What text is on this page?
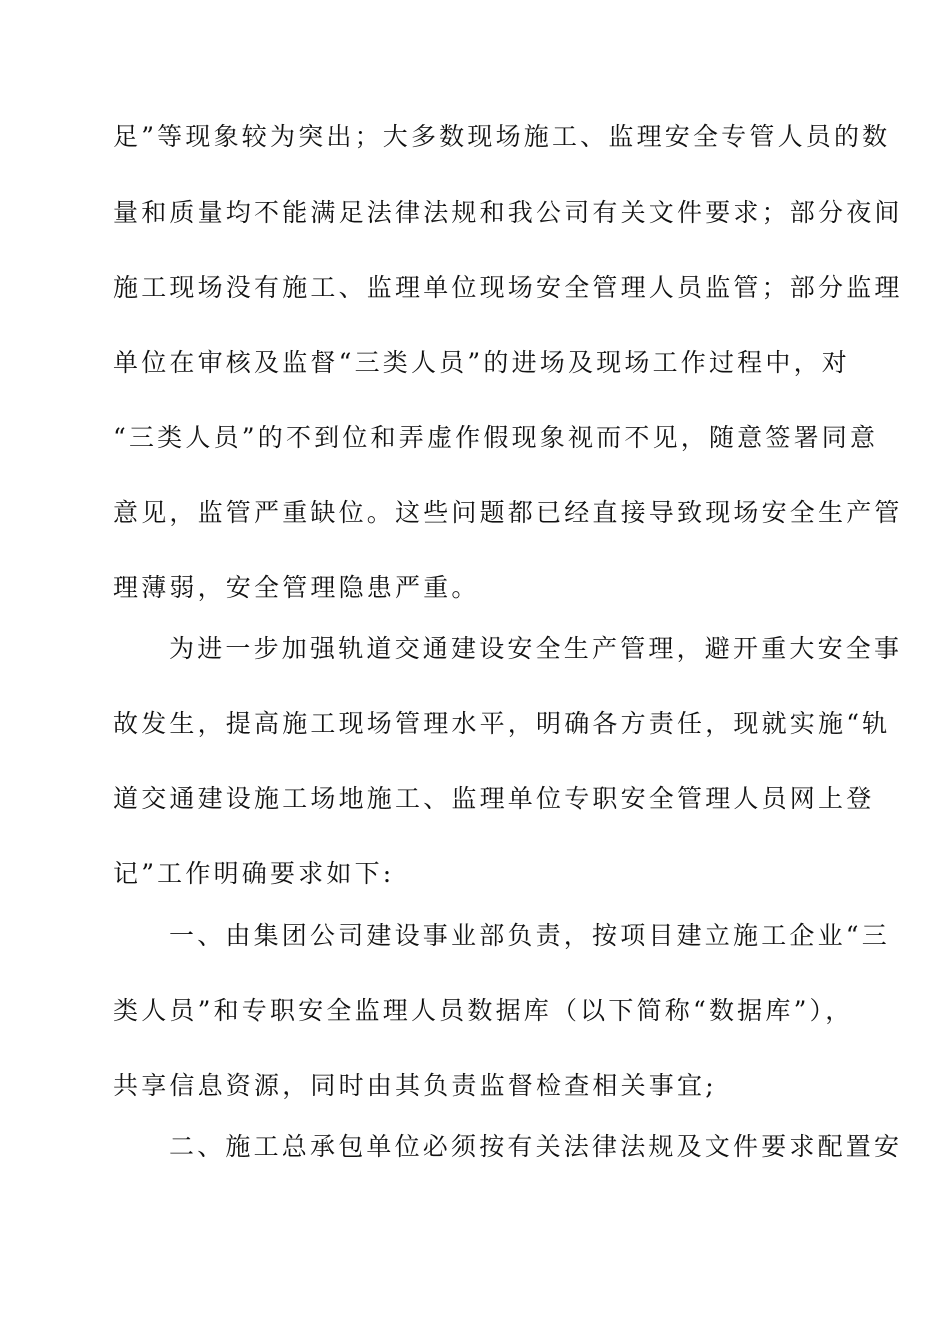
足”等现象较为突出；大多数现场施工、监理安全专管人员的数

量和质量均不能满足法律法规和我公司有关文件要求；部分夜间

施工现场没有施工、监理单位现场安全管理人员监管；部分监理

单位在审核及监督“三类人员”的进场及现场工作过程中，对

“三类人员”的不到位和弄虚作假现象视而不见，随意签署同意

意见，监管严重缺位。这些问题都已经直接导致现场安全生产管

理薄弱，安全管理隐患严重。

为进一步加强轨道交通建设安全生产管理，避开重大安全事

故发生，提高施工现场管理水平，明确各方责任，现就实施“轨

道交通建设施工场地施工、监理单位专职安全管理人员网上登

记”工作明确要求如下:

一、由集团公司建设事业部负责，按项目建立施工企业“三

类人员”和专职安全监理人员数据库（以下简称“数据库”），

共享信息资源，同时由其负责监督检查相关事宜;

二、施工总承包单位必须按有关法律法规及文件要求配置安
